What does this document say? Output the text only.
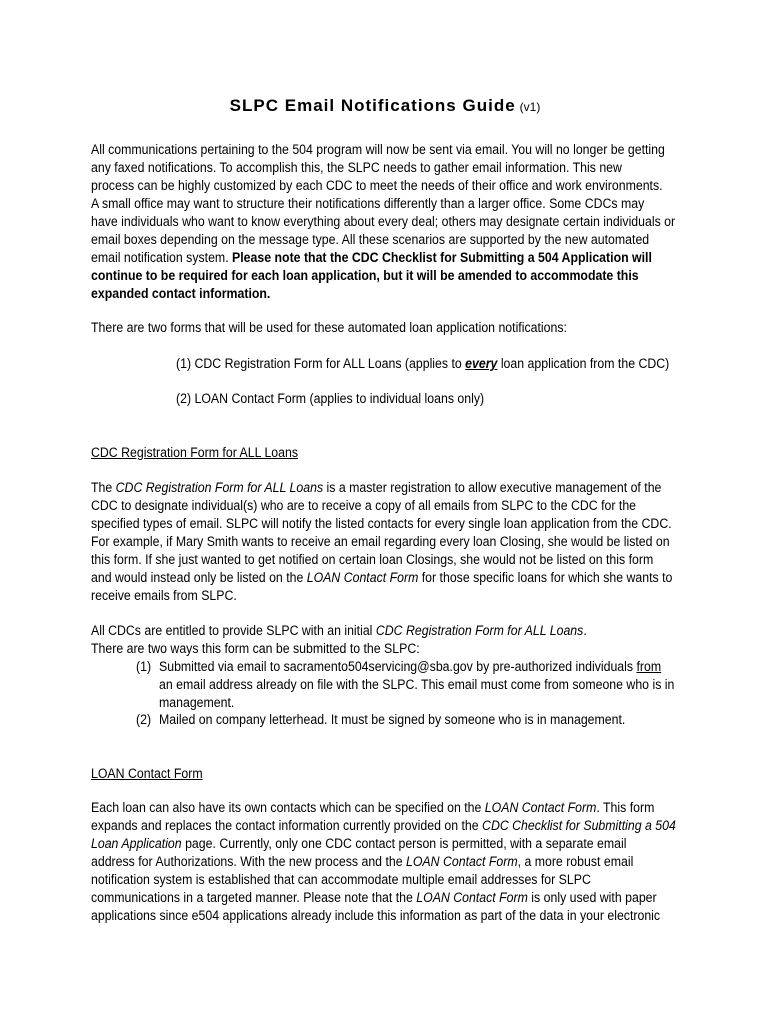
SLPC Email Notifications Guide (v1)
All communications pertaining to the 504 program will now be sent via email. You will no longer be getting
any faxed notifications. To accomplish this, the SLPC needs to gather email information. This new
process can be highly customized by each CDC to meet the needs of their office and work environments.
A small office may want to structure their notifications differently than a larger office. Some CDCs may
have individuals who want to know everything about every deal; others may designate certain individuals or
email boxes depending on the message type. All these scenarios are supported by the new automated
email notification system. Please note that the CDC Checklist for Submitting a 504 Application will
continue to be required for each loan application, but it will be amended to accommodate this
expanded contact information.

There are two forms that will be used for these automated loan application notifications:

(1) CDC Registration Form for ALL Loans (applies to every loan application from the CDC)

(2) LOAN Contact Form (applies to individual loans only)

CDC Registration Form for ALL Loans

The CDC Registration Form for ALL Loans is a master registration to allow executive management of the
CDC to designate individual(s) who are to receive a copy of all emails from SLPC to the CDC for the
specified types of email. SLPC will notify the listed contacts for every single loan application from the CDC.
For example, if Mary Smith wants to receive an email regarding every loan Closing, she would be listed on
this form. If she just wanted to get notified on certain loan Closings, she would not be listed on this form
and would instead only be listed on the LOAN Contact Form for those specific loans for which she wants to
receive emails from SLPC.
All CDCs are entitled to provide SLPC with an initial CDC Registration Form for ALL Loans.
There are two ways this form can be submitted to the SLPC:

(1) Submitted via email to sacramento504servicing@sba.gov by pre-authorized individuals from
an email address already on file with the SLPC. This email must come from someone who is in
management.

(2) Mailed on company letterhead. It must be signed by someone who is in management.

LOAN Contact Form

Each loan can also have its own contacts which can be specified on the LOAN Contact Form. This form
expands and replaces the contact information currently provided on the CDC Checklist for Submitting a 504
Loan Application page. Currently, only one CDC contact person is permitted, with a separate email
address for Authorizations. With the new process and the LOAN Contact Form, a more robust email
notification system is established that can accommodate multiple email addresses for SLPC
communications in a targeted manner. Please note that the LOAN Contact Form is only used with paper
applications since e504 applications already include this information as part of the data in your electronic
